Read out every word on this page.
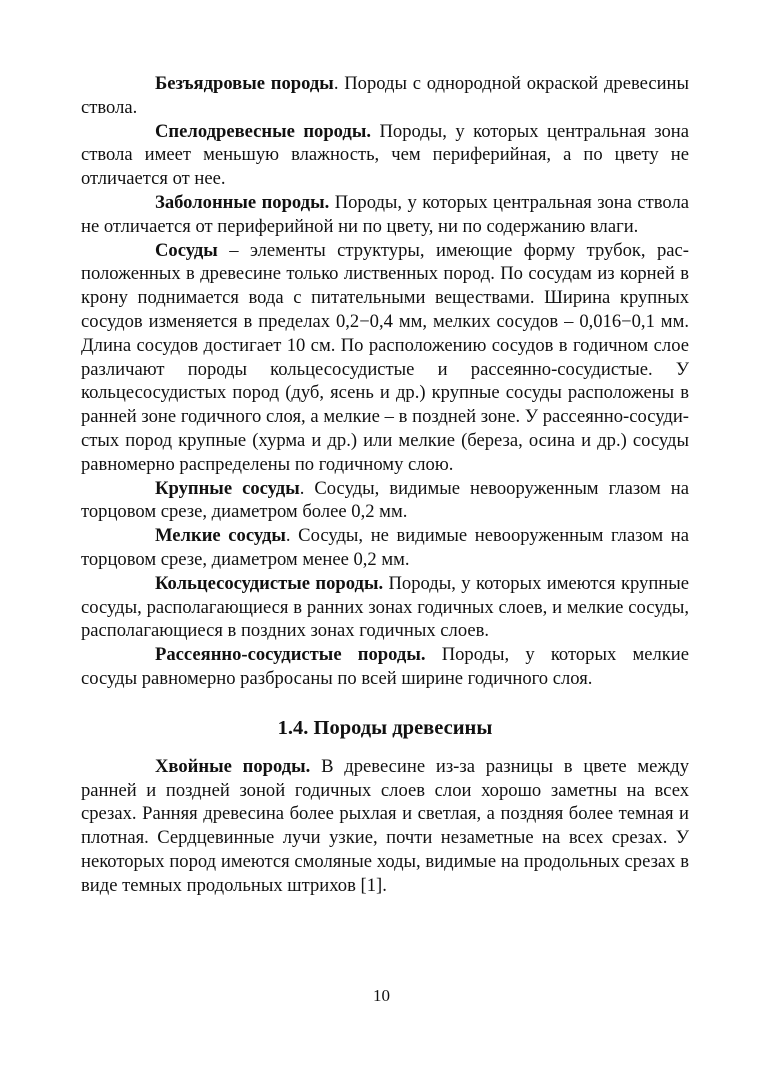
Безъядровые породы. Породы с однородной окраской древесины ствола.

Спелодревесные породы. Породы, у которых центральная зона ствола имеет меньшую влажность, чем периферийная, а по цвету не отличается от нее.

Заболонные породы. Породы, у которых центральная зона ствола не отличается от периферийной ни по цвету, ни по содержанию влаги.

Сосуды – элементы структуры, имеющие форму трубок, расположенных в древесине только лиственных пород. По сосудам из корней в крону поднимается вода с питательными веществами. Ширина крупных сосудов изменяется в пределах 0,2−0,4 мм, мелких сосудов – 0,016−0,1 мм. Длина сосудов достигает 10 см. По расположению сосудов в годичном слое различают породы кольцесосудистые и рассеянно-сосудистые. У кольцесосудистых пород (дуб, ясень и др.) крупные сосуды расположены в ранней зоне годичного слоя, а мелкие – в поздней зоне. У рассеянно-сосудистых пород крупные (хурма и др.) или мелкие (береза, осина и др.) сосуды равномерно распределены по годичному слою.

Крупные сосуды. Сосуды, видимые невооруженным глазом на торцовом срезе, диаметром более 0,2 мм.

Мелкие сосуды. Сосуды, не видимые невооруженным глазом на торцовом срезе, диаметром менее 0,2 мм.

Кольцесосудистые породы. Породы, у которых имеются крупные сосуды, располагающиеся в ранних зонах годичных слоев, и мелкие сосуды, располагающиеся в поздних зонах годичных слоев.

Рассеянно-сосудистые породы. Породы, у которых мелкие сосуды равномерно разбросаны по всей ширине годичного слоя.

1.4. Породы древесины

Хвойные породы. В древесине из-за разницы в цвете между ранней и поздней зоной годичных слоев слои хорошо заметны на всех срезах. Ранняя древесина более рыхлая и светлая, а поздняя более темная и плотная. Сердцевинные лучи узкие, почти незаметные на всех срезах. У некоторых пород имеются смоляные ходы, видимые на продольных срезах в виде темных продольных штрихов [1].

10
